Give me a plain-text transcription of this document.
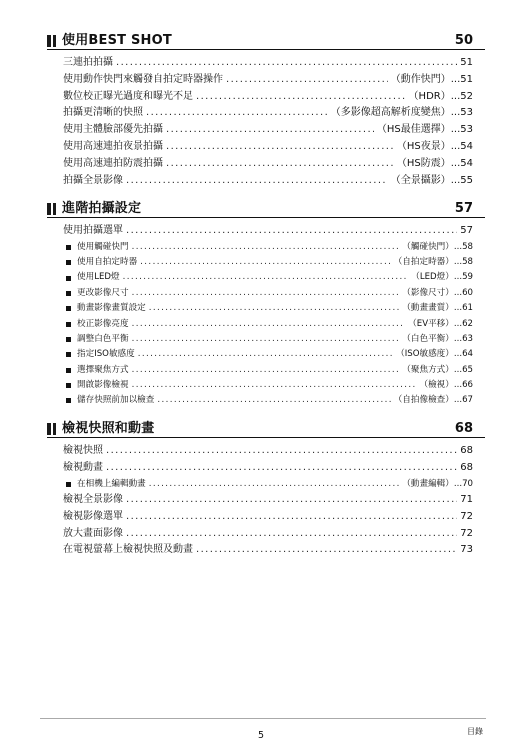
使用BEST SHOT	50
三連拍拍攝 .....	51
使用動作快門來觸發自拍定時器操作 .....	（動作快門） ... 51
數位校正曝光過度和曝光不足 .....	（HDR） ... 52
拍攝更清晰的快照 .....	（多影像超高解析度變焦） ... 53
使用主體臉部優先拍攝 .....	（HS最佳選擇） ... 53
使用高速連拍夜景拍攝 .....	（HS夜景） ... 54
使用高速連拍防震拍攝 .....	（HS防震） ... 54
拍攝全景影像 .....	（全景攝影） ... 55
進階拍攝設定	57
使用拍攝選單 .....	57
使用觸碰快門 .....	（觸碰快門） ... 58
使用自拍定時器 .....	（自拍定時器） ... 58
使用LED燈 .....	（LED燈） ... 59
更改影像尺寸 .....	（影像尺寸） ... 60
動畫影像畫質設定 .....	（動畫畫質） ... 61
校正影像亮度 .....	（EV平移） ... 62
調整白色平衡 .....	（白色平衡） ... 63
指定ISO敏感度 .....	（ISO敏感度） ... 64
選擇聚焦方式 .....	（聚焦方式） ... 65
開啟影像檢視 .....	（檢視） ... 66
儲存快照前加以檢查 .....	（自拍像檢查） ... 67
檢視快照和動畫	68
檢視快照 .....	68
檢視動畫 .....	68
在相機上編輯動畫 .....	（動畫編輯） ... 70
檢視全景影像 .....	71
檢視影像選單 .....	72
放大畫面影像 .....	72
在電視螢幕上檢視快照及動畫 .....	73
5	目錄
